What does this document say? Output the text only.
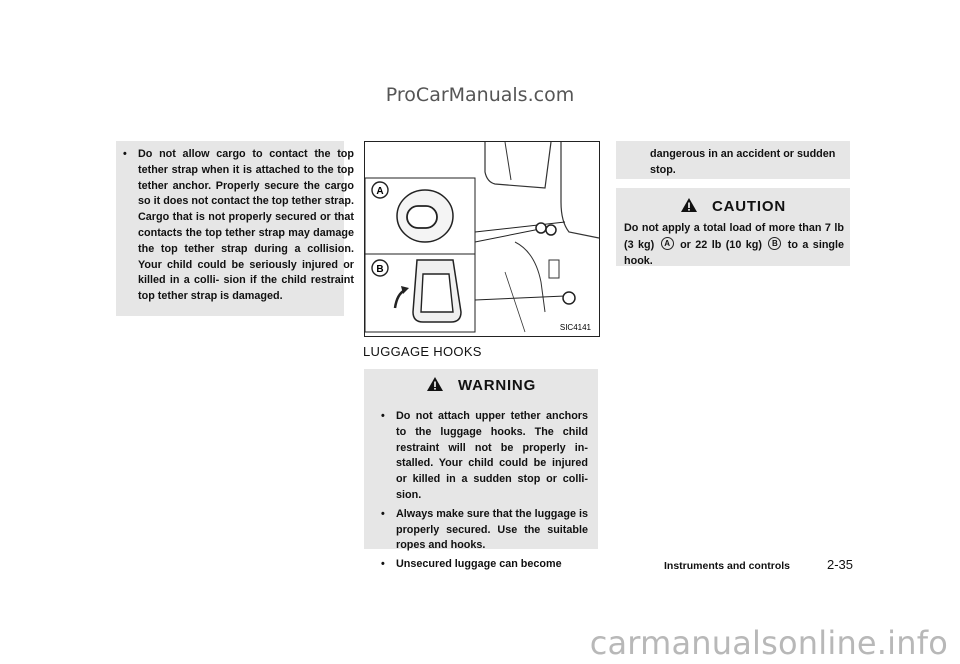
ProCarManuals.com
• Do not allow cargo to contact the top tether strap when it is attached to the top tether anchor. Properly secure the cargo so it does not contact the top tether strap. Cargo that is not properly secured or that contacts the top tether strap may damage the top tether strap during a collision. Your child could be seriously injured or killed in a colli- sion if the child restraint top tether strap is damaged.
A
B
SIC4141
LUGGAGE HOOKS
WARNING
• Do not attach upper tether anchors to the luggage hooks. The child restraint will not be properly in- stalled. Your child could be injured or killed in a sudden stop or colli- sion.
• Always make sure that the luggage is properly secured. Use the suitable ropes and hooks.
• Unsecured luggage can become

dangerous in an accident or sudden stop.

CAUTION
Do not apply a total load of more than 7 lb (3 kg) A or 22 lb (10 kg) B to a single hook.
Instruments and controls	2-35
carmanualsonline.info
